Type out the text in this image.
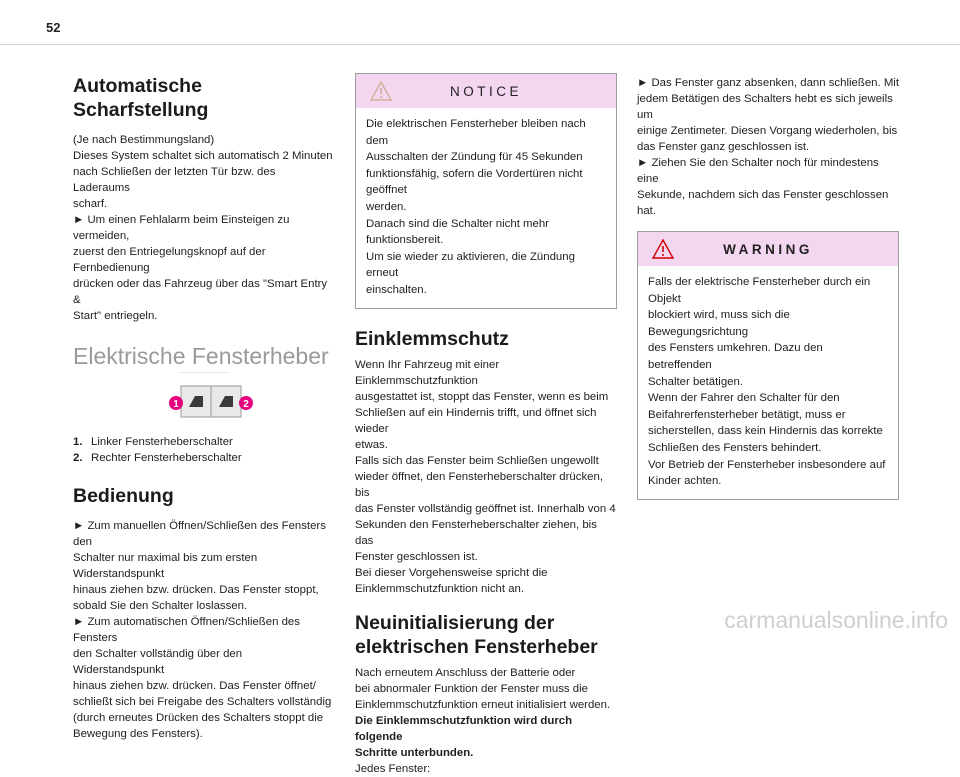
52
Automatische Scharfstellung

(Je nach Bestimmungsland)

Dieses System schaltet sich automatisch 2 Minuten

nach Schließen der letzten Tür bzw. des Laderaums

scharf.

► Um einen Fehlalarm beim Einsteigen zu vermeiden,

zuerst den Entriegelungsknopf auf der Fernbedienung

drücken oder das Fahrzeug über das "Smart Entry &

Start" entriegeln.

Elektrische Fensterheber
1	2
1. Linker Fensterheberschalter
2. Rechter Fensterheberschalter
Bedienung

► Zum manuellen Öffnen/Schließen des Fensters den

Schalter nur maximal bis zum ersten Widerstandspunkt

hinaus ziehen bzw. drücken. Das Fenster stoppt,

sobald Sie den Schalter loslassen.

► Zum automatischen Öffnen/Schließen des Fensters

den Schalter vollständig über den Widerstandspunkt

hinaus ziehen bzw. drücken. Das Fenster öffnet/

schließt sich bei Freigabe des Schalters vollständig

(durch erneutes Drücken des Schalters stoppt die

Bewegung des Fensters).

NOTICE

Die elektrischen Fensterheber bleiben nach dem

Ausschalten der Zündung für 45 Sekunden

funktionsfähig, sofern die Vordertüren nicht geöffnet

werden.

Danach sind die Schalter nicht mehr funktionsbereit.

Um sie wieder zu aktivieren, die Zündung erneut

einschalten.

Einklemmschutz

Wenn Ihr Fahrzeug mit einer Einklemmschutzfunktion

ausgestattet ist, stoppt das Fenster, wenn es beim

Schließen auf ein Hindernis trifft, und öffnet sich wieder

etwas.

Falls sich das Fenster beim Schließen ungewollt

wieder öffnet, den Fensterheberschalter drücken, bis

das Fenster vollständig geöffnet ist. Innerhalb von 4

Sekunden den Fensterheberschalter ziehen, bis das

Fenster geschlossen ist.

Bei dieser Vorgehensweise spricht die

Einklemmschutzfunktion nicht an.

Neuinitialisierung der
elektrischen Fensterheber

Nach erneutem Anschluss der Batterie oder

bei abnormaler Funktion der Fenster muss die

Einklemmschutzfunktion erneut initialisiert werden.

Die Einklemmschutzfunktion wird durch folgende

Schritte unterbunden.

Jedes Fenster:

► Das Fenster ganz absenken, dann schließen. Mit

jedem Betätigen des Schalters hebt es sich jeweils um

einige Zentimeter. Diesen Vorgang wiederholen, bis

das Fenster ganz geschlossen ist.

► Ziehen Sie den Schalter noch für mindestens eine

Sekunde, nachdem sich das Fenster geschlossen hat.

WARNING

Falls der elektrische Fensterheber durch ein Objekt

blockiert wird, muss sich die Bewegungsrichtung

des Fensters umkehren. Dazu den betreffenden

Schalter betätigen.

Wenn der Fahrer den Schalter für den

Beifahrerfensterheber betätigt, muss er

sicherstellen, dass kein Hindernis das korrekte

Schließen des Fensters behindert.

Vor Betrieb der Fensterheber insbesondere auf

Kinder achten.

carmanualsonline.info
